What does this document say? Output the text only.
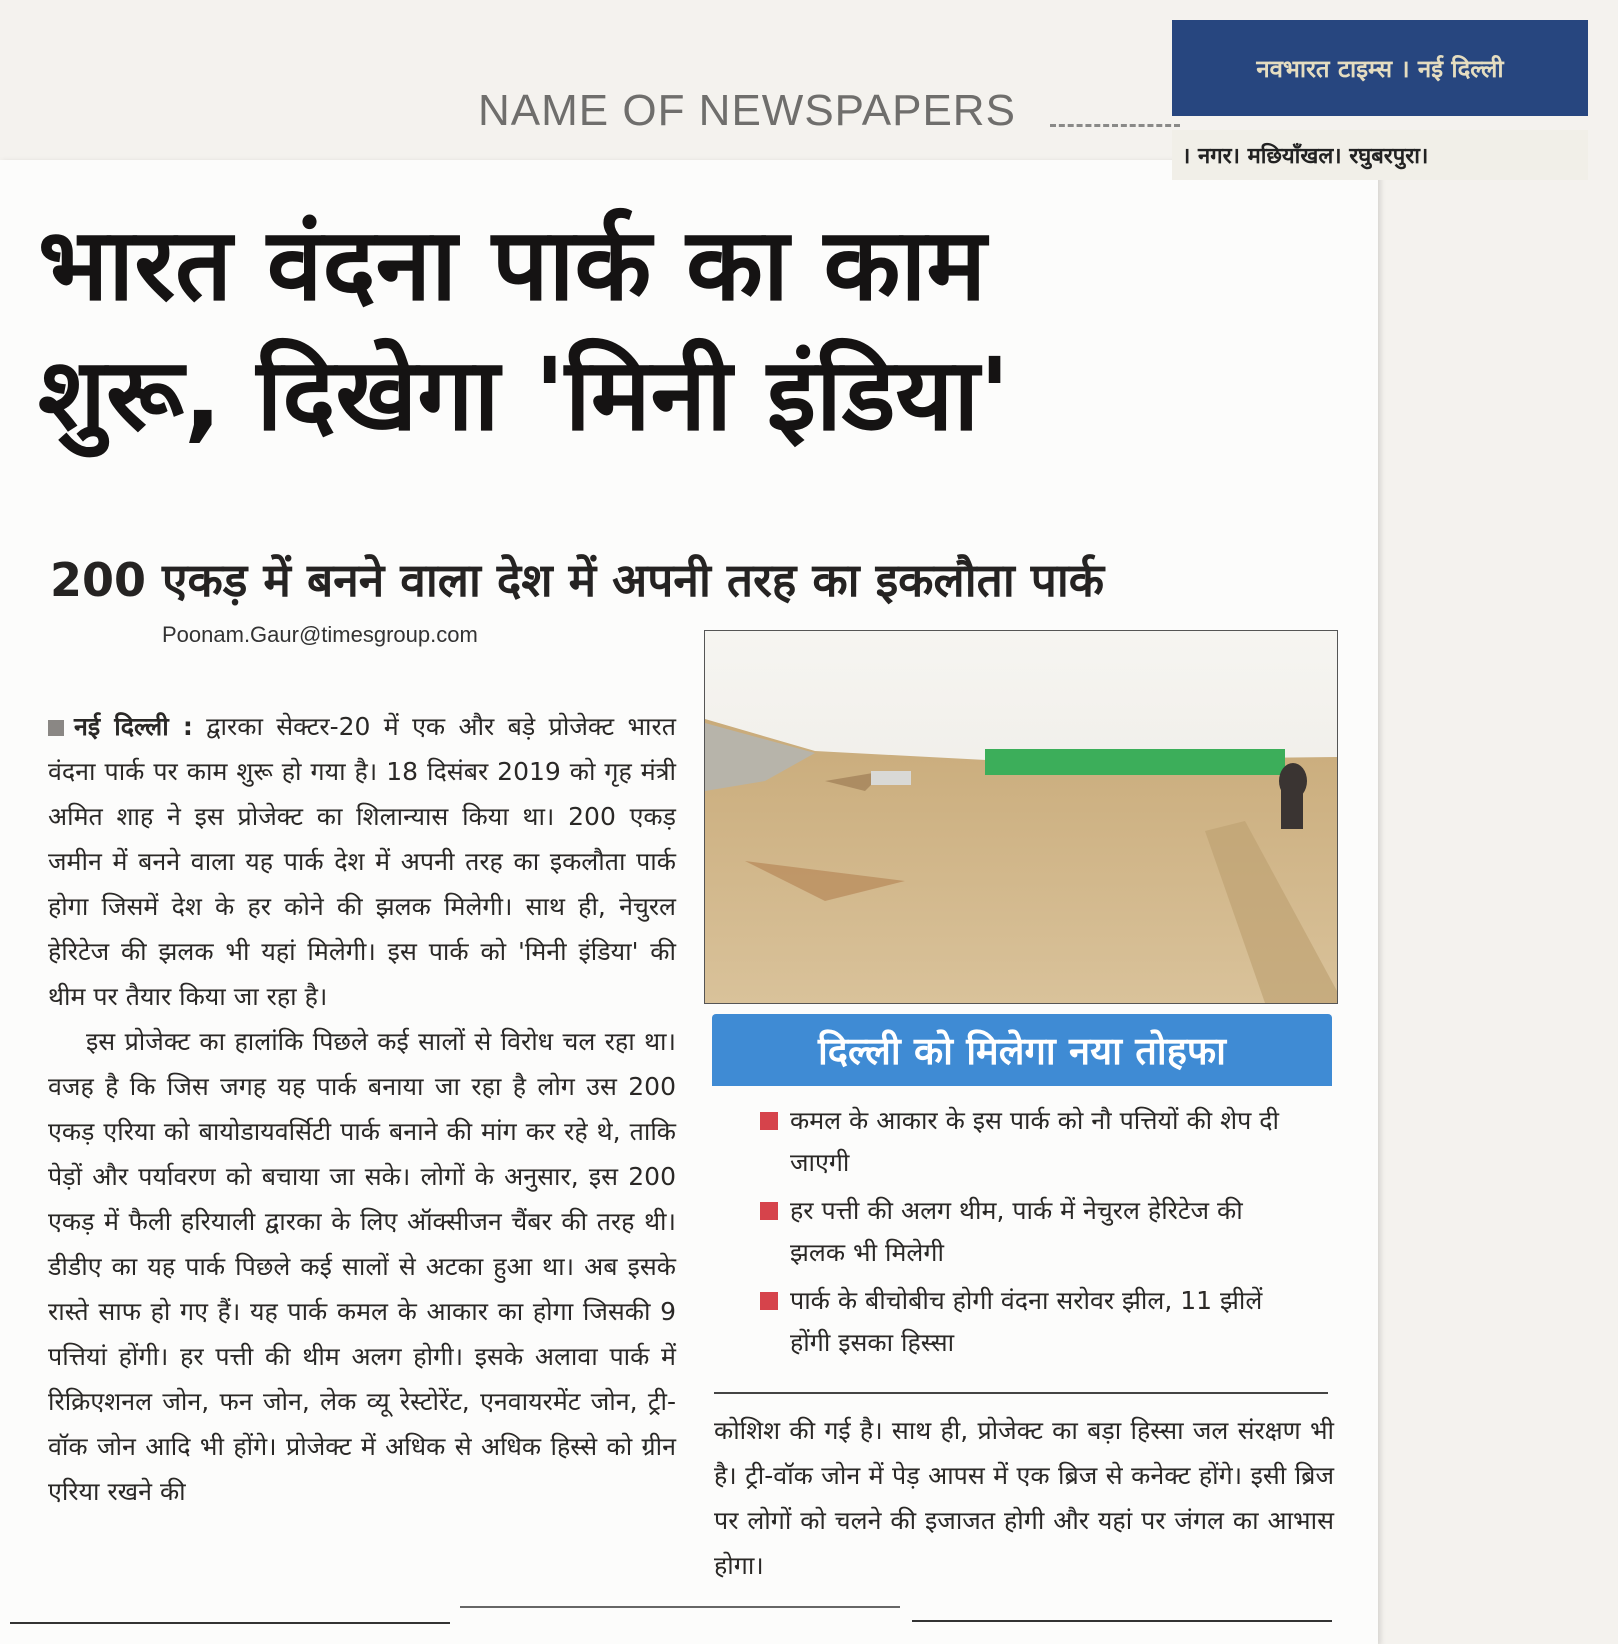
NAME OF NEWSPAPERS
नवभारत टाइम्स । नई दिल्ली
। नगर। मछियाँखल। रघुबरपुरा।
भारत वंदना पार्क का काम
शुरू, दिखेगा 'मिनी इंडिया'
200 एकड़ में बनने वाला देश में अपनी तरह का इकलौता पार्क
Poonam.Gaur@timesgroup.com

नई दिल्ली : द्वारका सेक्टर-20 में एक और बड़े प्रोजेक्ट भारत वंदना पार्क पर काम शुरू हो गया है। 18 दिसंबर 2019 को गृह मंत्री अमित शाह ने इस प्रोजेक्ट का शिलान्यास किया था। 200 एकड़ जमीन में बनने वाला यह पार्क देश में अपनी तरह का इकलौता पार्क होगा जिसमें देश के हर कोने की झलक मिलेगी। साथ ही, नेचुरल हेरिटेज की झलक भी यहां मिलेगी। इस पार्क को 'मिनी इंडिया' की थीम पर तैयार किया जा रहा है।

इस प्रोजेक्ट का हालांकि पिछले कई सालों से विरोध चल रहा था। वजह है कि जिस जगह यह पार्क बनाया जा रहा है लोग उस 200 एकड़ एरिया को बायोडायवर्सिटी पार्क बनाने की मांग कर रहे थे, ताकि पेड़ों और पर्यावरण को बचाया जा सके। लोगों के अनुसार, इस 200 एकड़ में फैली हरियाली द्वारका के लिए ऑक्सीजन चैंबर की तरह थी। डीडीए का यह पार्क पिछले कई सालों से अटका हुआ था। अब इसके रास्ते साफ हो गए हैं। यह पार्क कमल के आकार का होगा जिसकी 9 पत्तियां होंगी। हर पत्ती की थीम अलग होगी। इसके अलावा पार्क में रिक्रिएशनल जोन, फन जोन, लेक व्यू रेस्टोरेंट, एनवायरमेंट जोन, ट्री-वॉक जोन आदि भी होंगे। प्रोजेक्ट में अधिक से अधिक हिस्से को ग्रीन एरिया रखने की

दिल्ली को मिलेगा नया तोहफा
कमल के आकार के इस पार्क को नौ पत्तियों की शेप दी जाएगी
हर पत्ती की अलग थीम, पार्क में नेचुरल हेरिटेज की झलक भी मिलेगी
पार्क के बीचोबीच होगी वंदना सरोवर झील, 11 झीलें होंगी इसका हिस्सा

कोशिश की गई है। साथ ही, प्रोजेक्ट का बड़ा हिस्सा जल संरक्षण भी है। ट्री-वॉक जोन में पेड़ आपस में एक ब्रिज से कनेक्ट होंगे। इसी ब्रिज पर लोगों को चलने की इजाजत होगी और यहां पर जंगल का आभास होगा।
